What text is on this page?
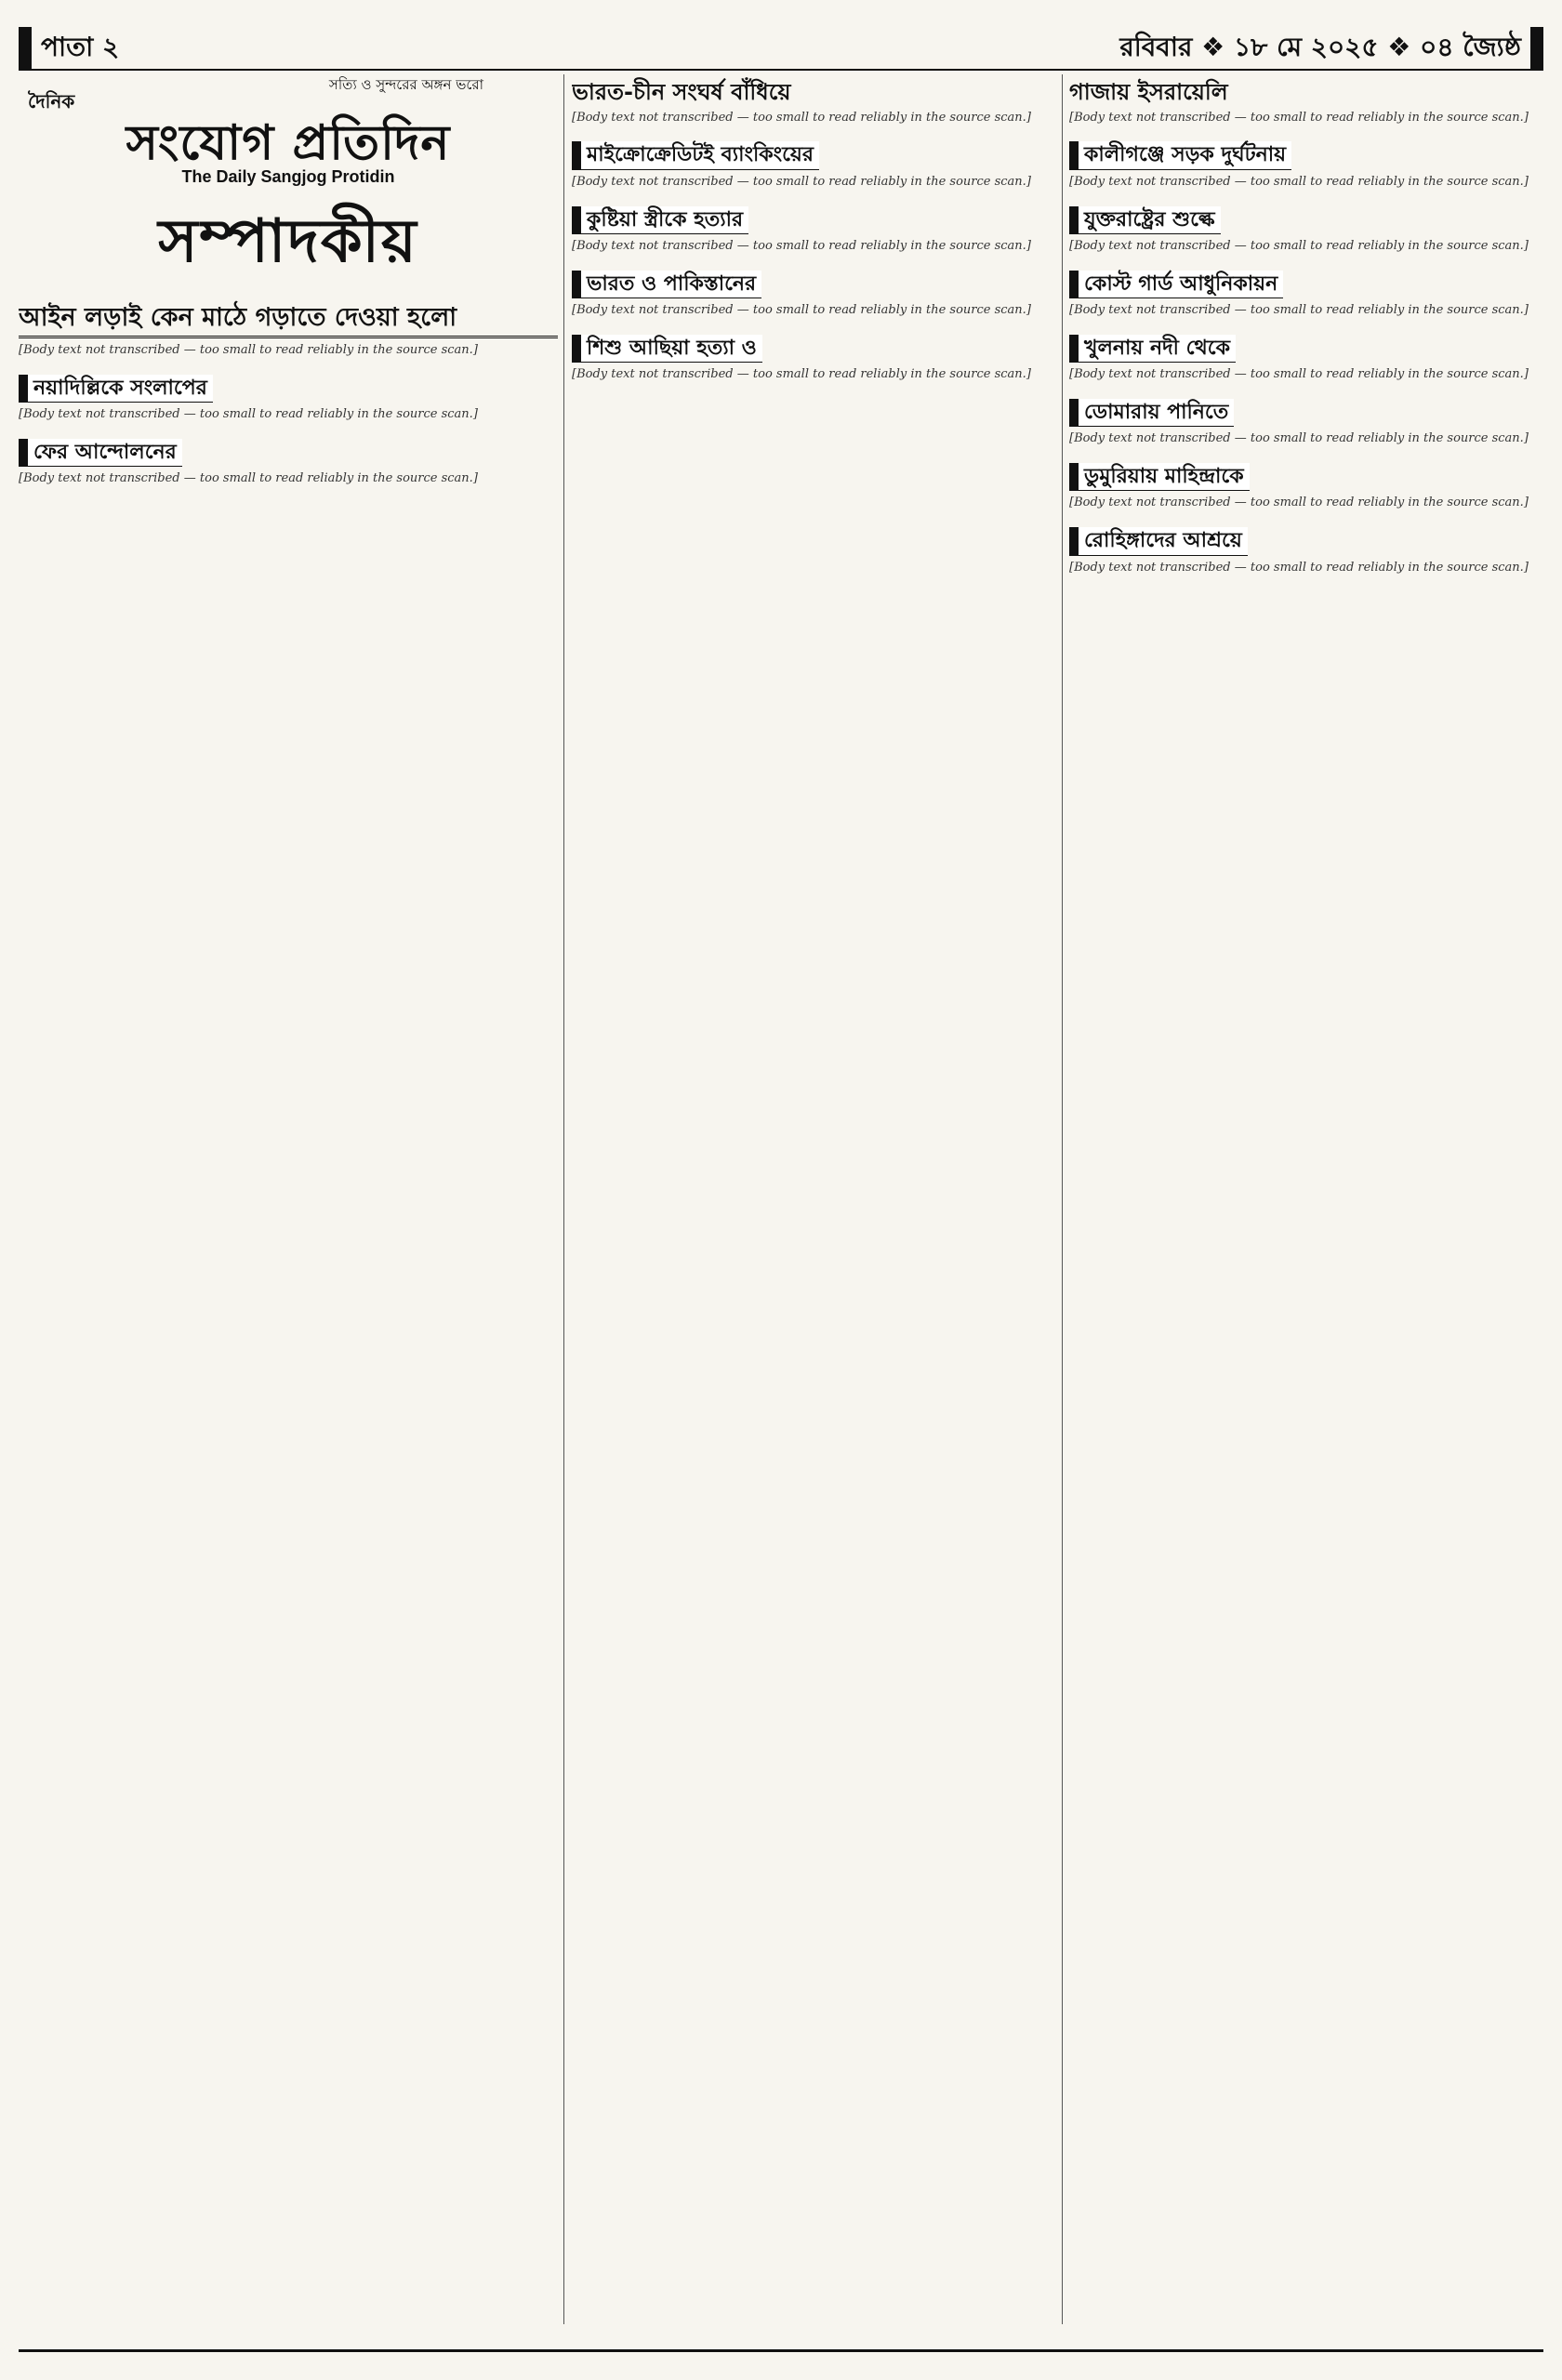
পাতা ২	রবিবার ❖ ১৮ মে ২০২৫ ❖ ০৪ জ্যৈষ্ঠ
সত্যি ও সুন্দরের অঙ্গন ভরো
দৈনিক
সংযোগ প্রতিদিন
The Daily Sangjog Protidin
সম্পাদকীয়
আইন লড়াই কেন মাঠে গড়াতে দেওয়া হলো

[Body text not transcribed — too small to read reliably in the source scan.]

নয়াদিল্লিকে সংলাপের

[Body text not transcribed — too small to read reliably in the source scan.]

ফের আন্দোলনের

[Body text not transcribed — too small to read reliably in the source scan.]

ভারত-চীন সংঘর্ষ বাঁধিয়ে

[Body text not transcribed — too small to read reliably in the source scan.]

মাইক্রোক্রেডিটই ব্যাংকিংয়ের

[Body text not transcribed — too small to read reliably in the source scan.]

কুষ্টিয়া স্ত্রীকে হত্যার

[Body text not transcribed — too small to read reliably in the source scan.]

ভারত ও পাকিস্তানের

[Body text not transcribed — too small to read reliably in the source scan.]

শিশু আছিয়া হত্যা ও

[Body text not transcribed — too small to read reliably in the source scan.]

গাজায় ইসরায়েলি

[Body text not transcribed — too small to read reliably in the source scan.]

কালীগঞ্জে সড়ক দুর্ঘটনায়

[Body text not transcribed — too small to read reliably in the source scan.]

যুক্তরাষ্ট্রের শুল্কে

[Body text not transcribed — too small to read reliably in the source scan.]

কোস্ট গার্ড আধুনিকায়ন

[Body text not transcribed — too small to read reliably in the source scan.]

খুলনায় নদী থেকে

[Body text not transcribed — too small to read reliably in the source scan.]

ডোমারায় পানিতে

[Body text not transcribed — too small to read reliably in the source scan.]

ডুমুরিয়ায় মাহিন্দ্রাকে

[Body text not transcribed — too small to read reliably in the source scan.]

রোহিঙ্গাদের আশ্রয়ে

[Body text not transcribed — too small to read reliably in the source scan.]
